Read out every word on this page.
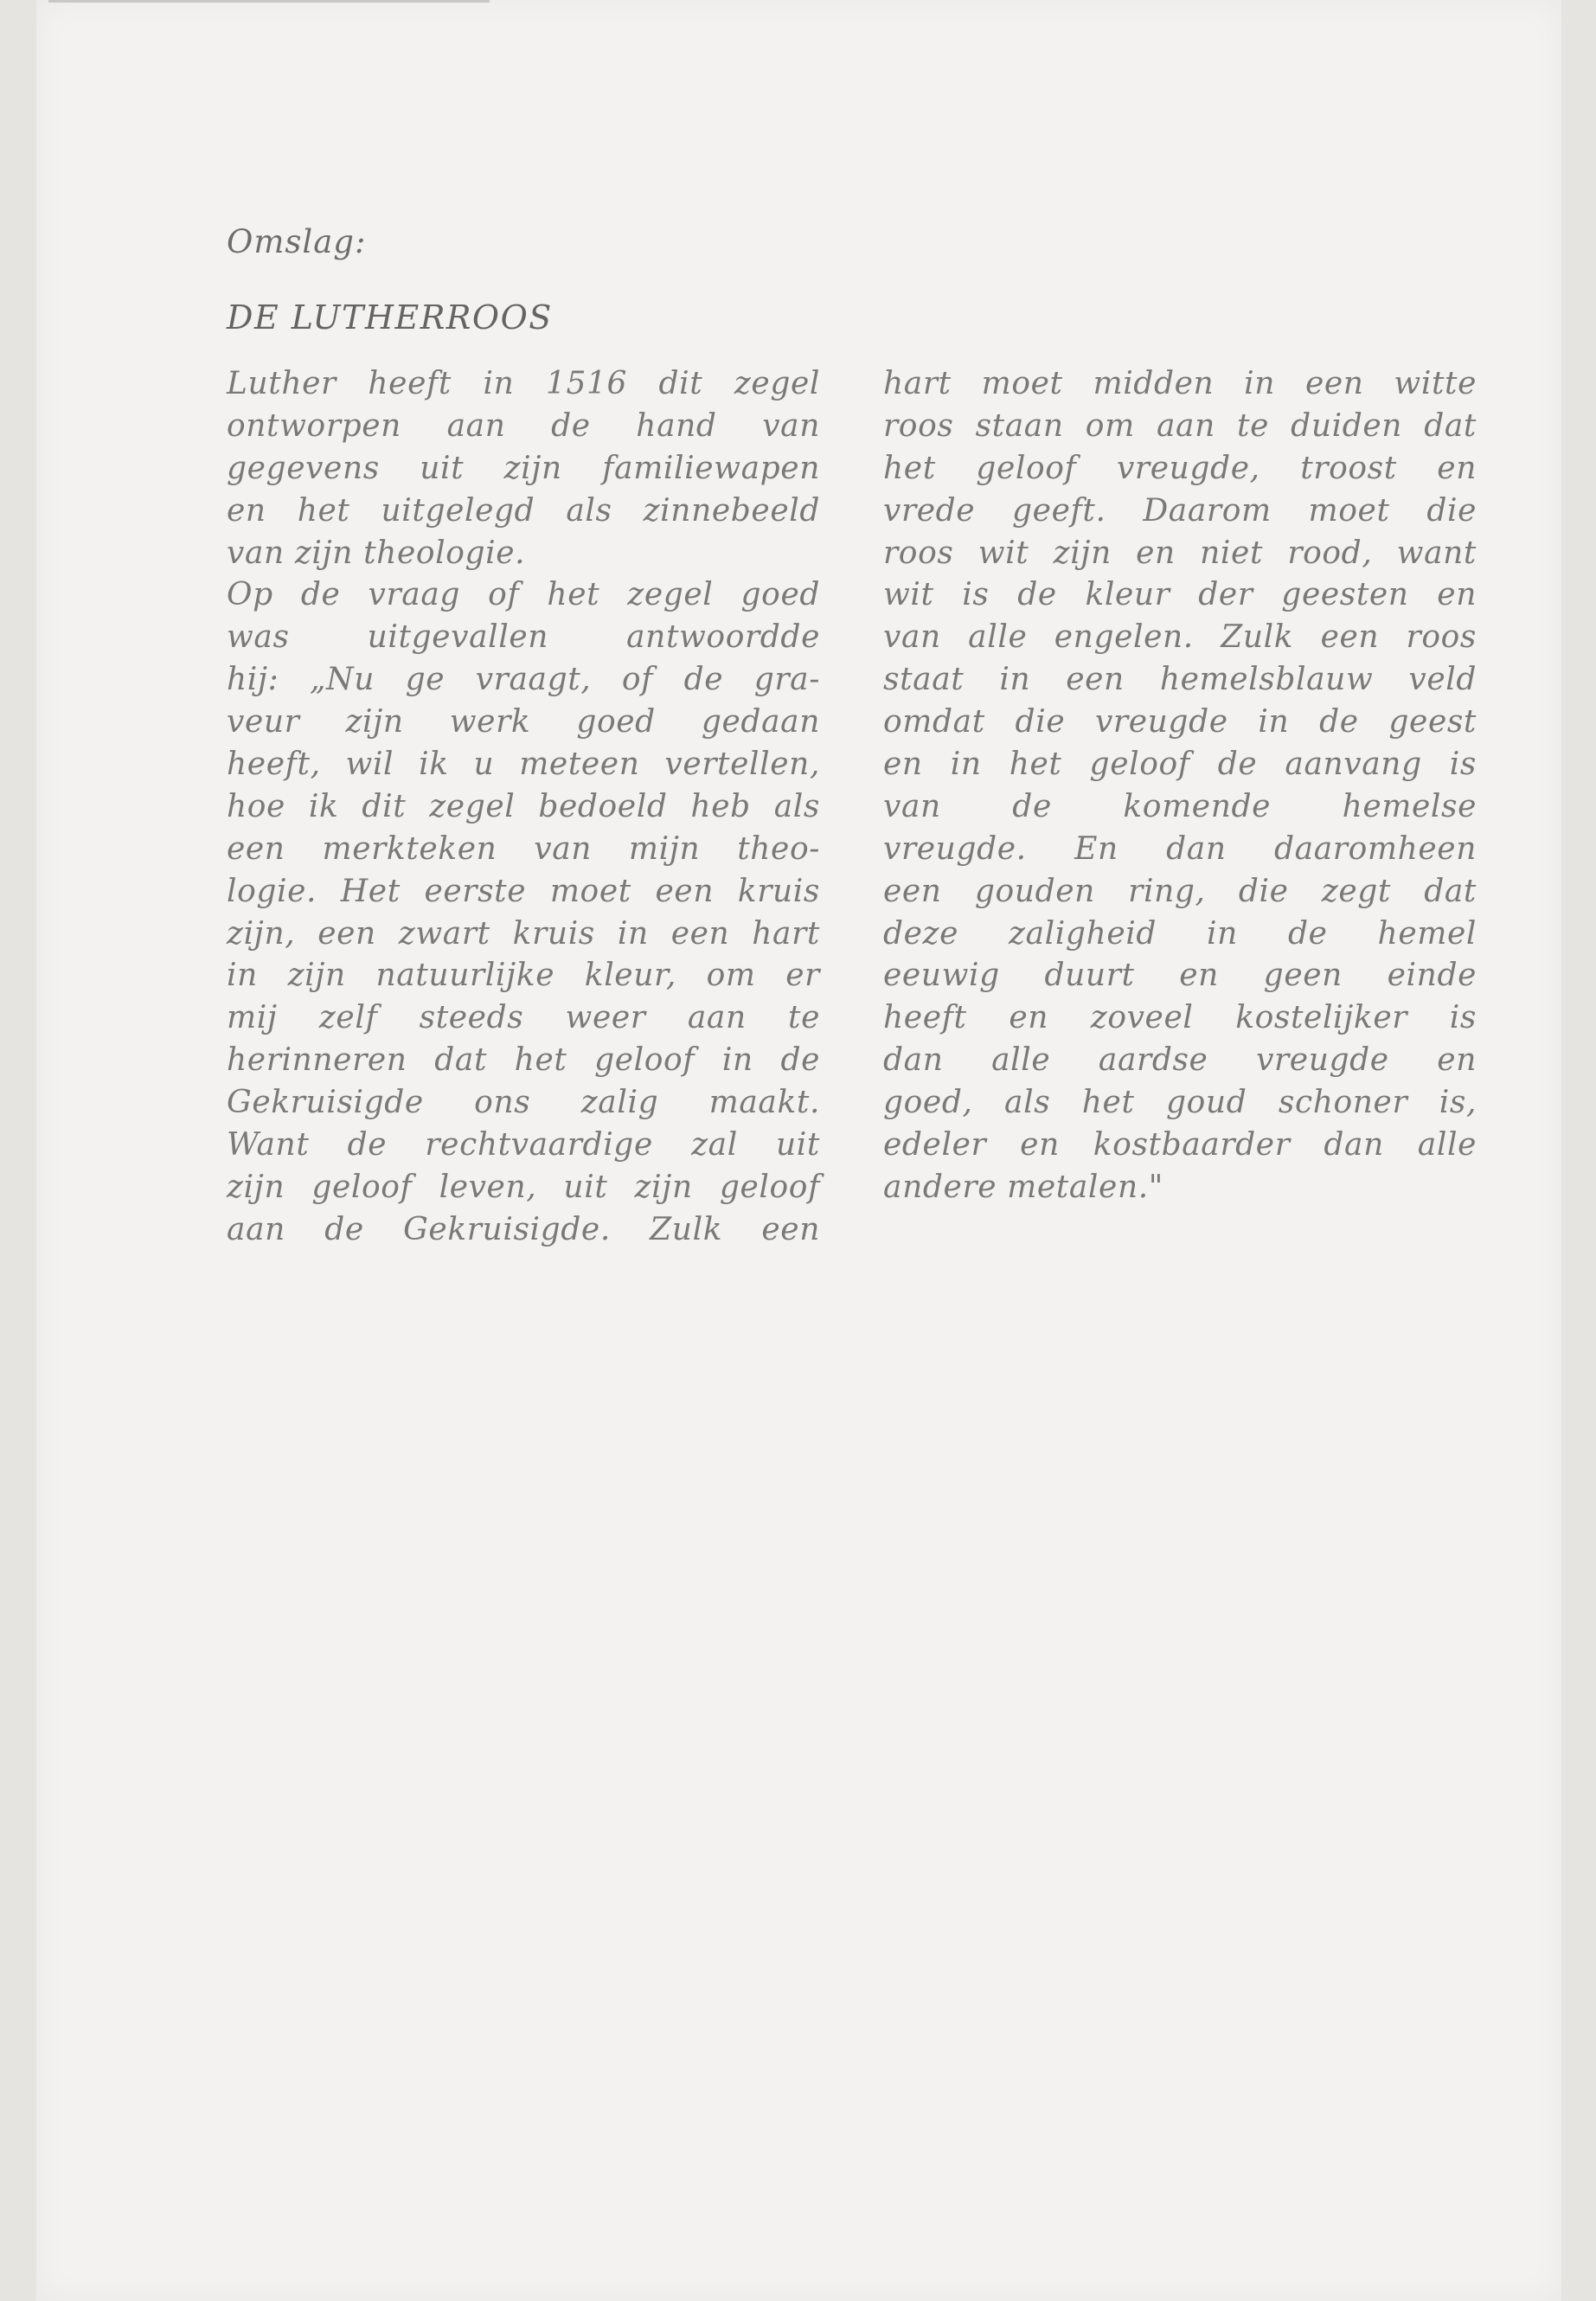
Omslag:

DE LUTHERROOS
Luther heeft in 1516 dit zegel
ontworpen aan de hand van
gegevens uit zijn familiewapen
en het uitgelegd als zinnebeeld
van zijn theologie.
Op de vraag of het zegel goed
was uitgevallen antwoordde
hij: „Nu ge vraagt, of de gra-
veur zijn werk goed gedaan
heeft, wil ik u meteen vertellen,
hoe ik dit zegel bedoeld heb als
een merkteken van mijn theo-
logie. Het eerste moet een kruis
zijn, een zwart kruis in een hart
in zijn natuurlijke kleur, om er
mij zelf steeds weer aan te
herinneren dat het geloof in de
Gekruisigde ons zalig maakt.
Want de rechtvaardige zal uit
zijn geloof leven, uit zijn geloof
aan de Gekruisigde. Zulk een
hart moet midden in een witte
roos staan om aan te duiden dat
het geloof vreugde, troost en
vrede geeft. Daarom moet die
roos wit zijn en niet rood, want
wit is de kleur der geesten en
van alle engelen. Zulk een roos
staat in een hemelsblauw veld
omdat die vreugde in de geest
en in het geloof de aanvang is
van de komende hemelse
vreugde. En dan daaromheen
een gouden ring, die zegt dat
deze zaligheid in de hemel
eeuwig duurt en geen einde
heeft en zoveel kostelijker is
dan alle aardse vreugde en
goed, als het goud schoner is,
edeler en kostbaarder dan alle
andere metalen."
